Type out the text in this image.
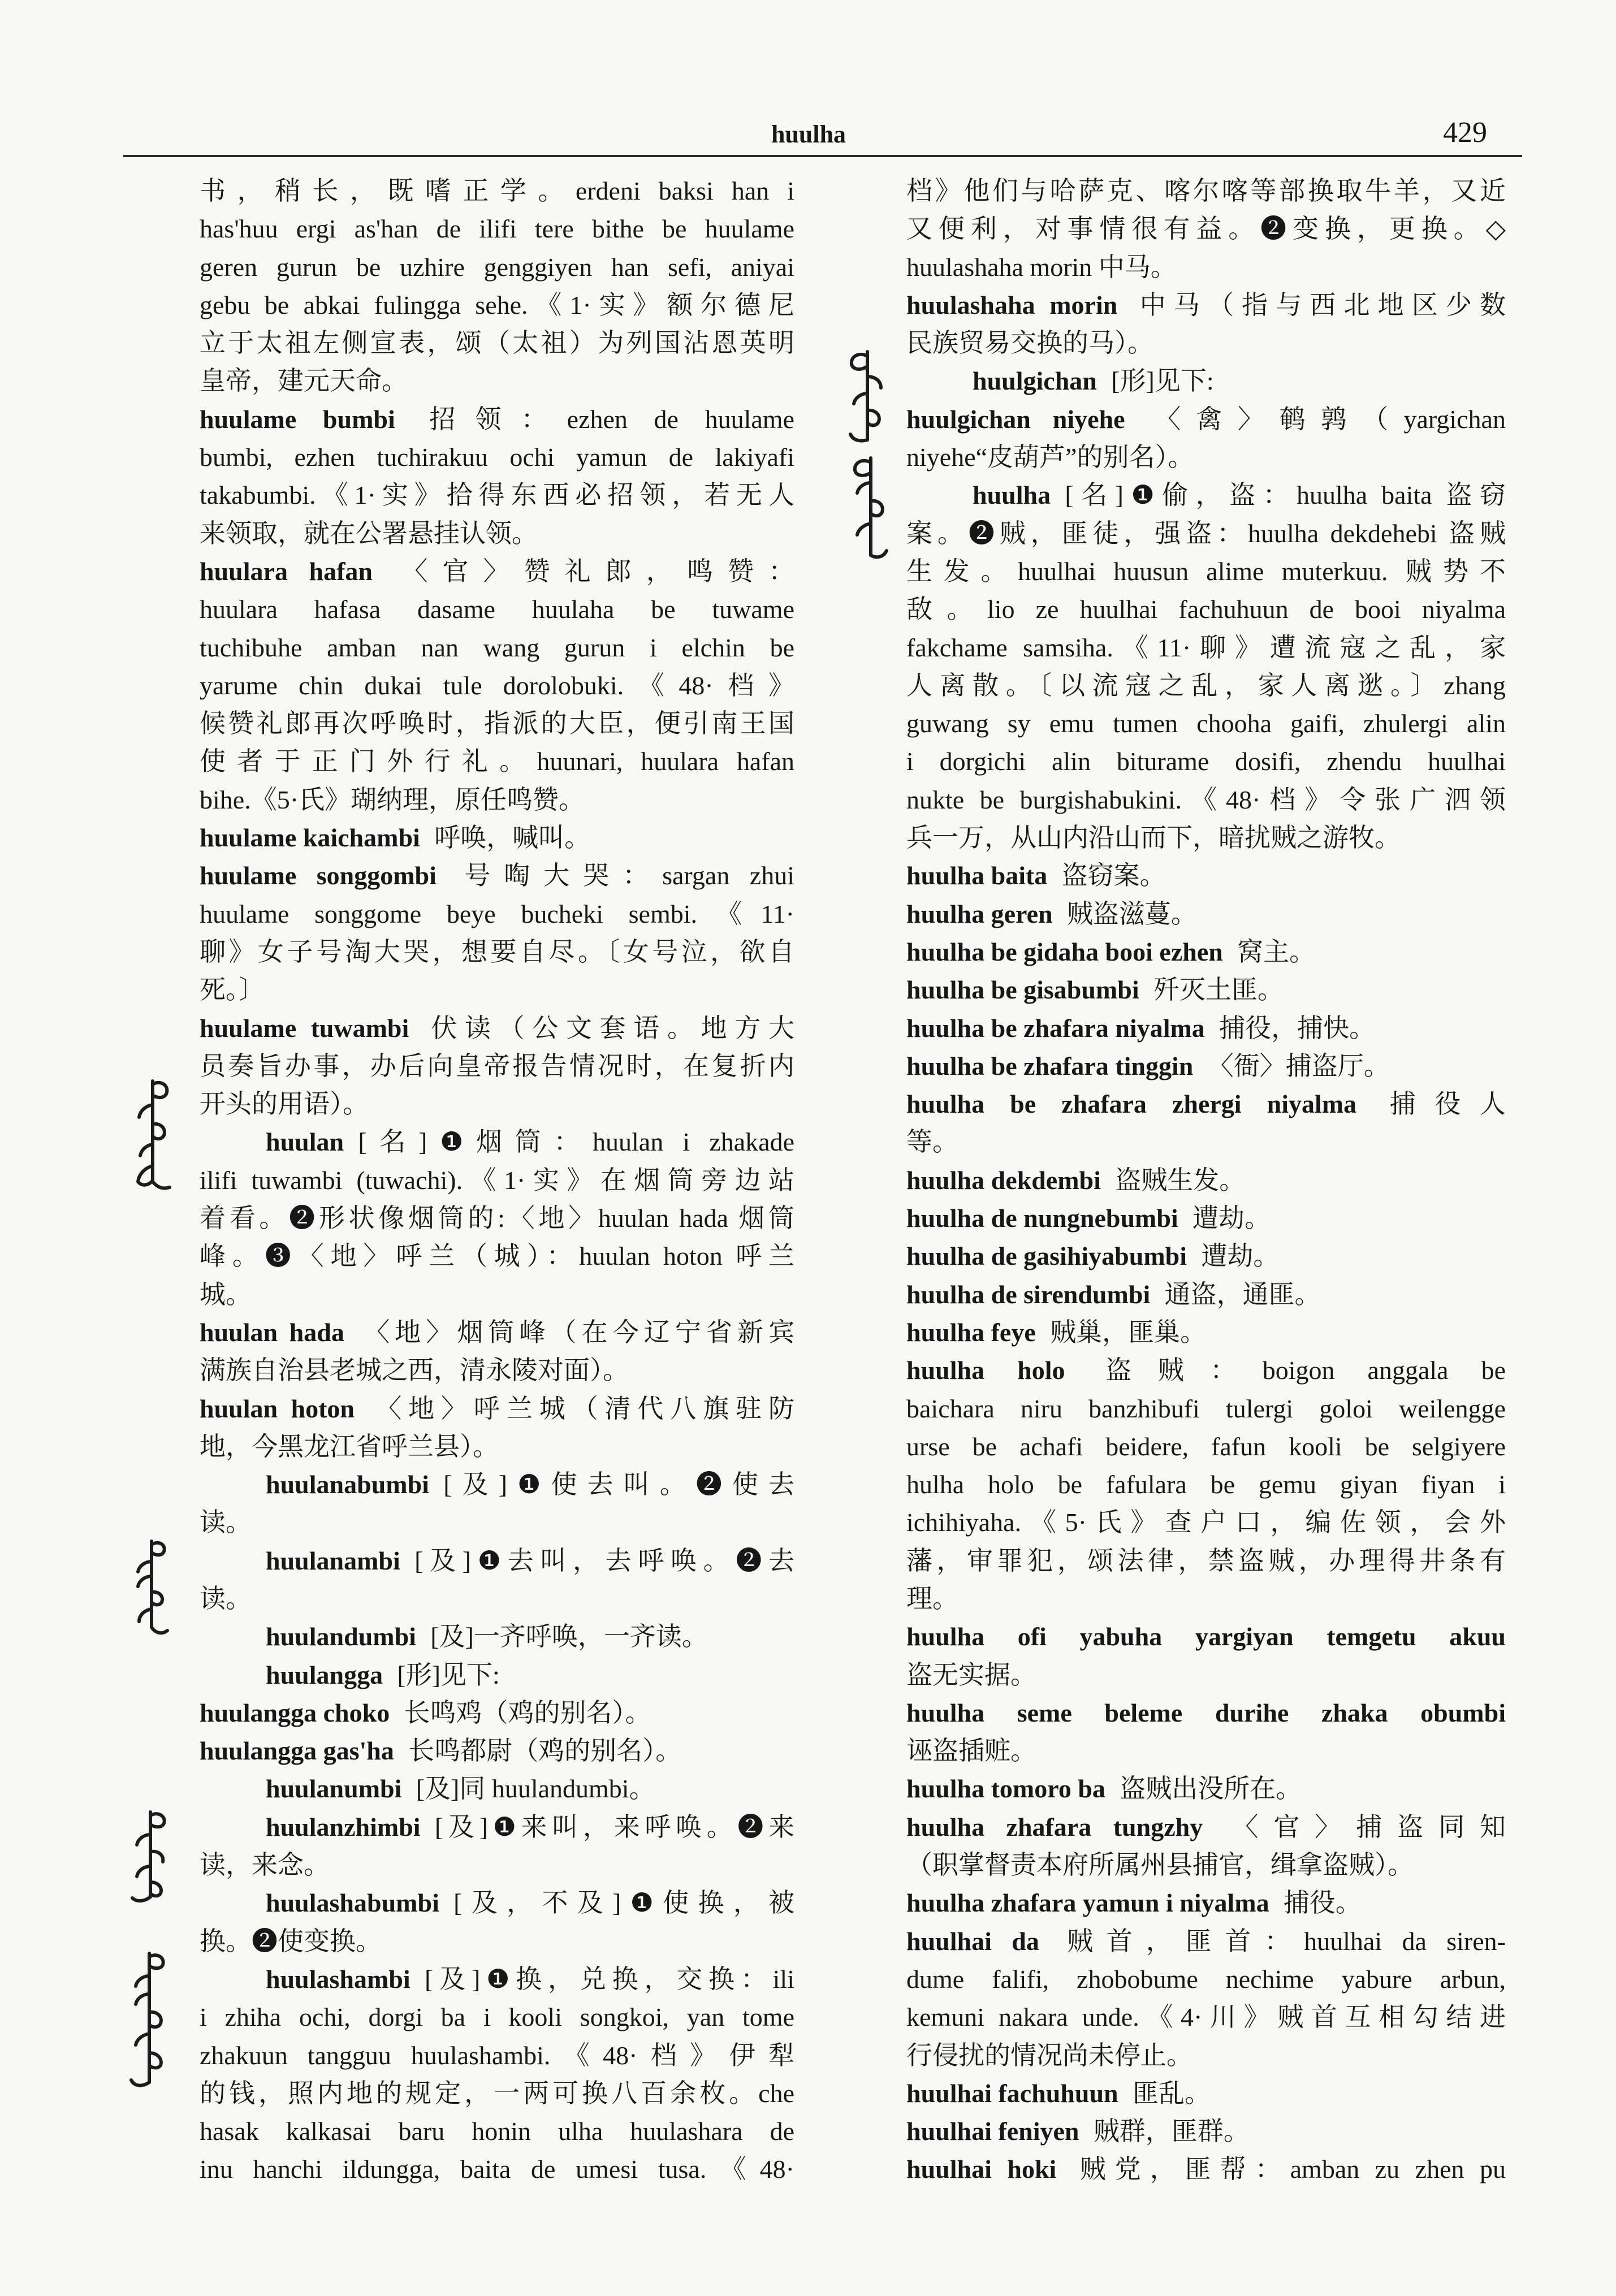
huulha	429
书，稍长，既嗜正学。erdeni baksi han i
has'huu ergi as'han de ilifi tere bithe be huulame
geren gurun be uzhire genggiyen han sefi, aniyai
gebu be abkai fulingga sehe.《1·实》额尔德尼
立于太祖左侧宣表，颂（太祖）为列国沾恩英明
皇帝，建元天命。
huulame bumbi 招领：ezhen de huulame
bumbi, ezhen tuchirakuu ochi yamun de lakiyafi
takabumbi.《1·实》拾得东西必招领，若无人
来领取，就在公署悬挂认领。
huulara hafan 〈官〉赞礼郎，鸣赞：
huulara hafasa dasame huulaha be tuwame
tuchibuhe amban nan wang gurun i elchin be
yarume chin dukai tule dorolobuki.《48·档》
候赞礼郎再次呼唤时，指派的大臣，便引南王国
使者于正门外行礼。huunari, huulara hafan
bihe.《5·氏》瑚纳理，原任鸣赞。
huulame kaichambi 呼唤，喊叫。
huulame songgombi 号啕大哭：sargan zhui
huulame songgome beye bucheki sembi.《11·
聊》女子号淘大哭，想要自尽。〔女号泣，欲自
死。〕
huulame tuwambi 伏读（公文套语。地方大
员奏旨办事，办后向皇帝报告情况时，在复折内
开头的用语）。
huulan [名]❶烟筒：huulan i zhakade
ilifi tuwambi (tuwachi).《1·实》在烟筒旁边站
着看。❷形状像烟筒的:〈地〉huulan hada 烟筒
峰。❸〈地〉呼兰（城）：huulan hoton 呼兰
城。
huulan hada 〈地〉烟筒峰（在今辽宁省新宾
满族自治县老城之西，清永陵对面）。
huulan hoton 〈地〉呼兰城（清代八旗驻防
地，今黑龙江省呼兰县）。
huulanabumbi [及]❶使去叫。❷使去
读。
huulanambi [及]❶去叫，去呼唤。❷去
读。
huulandumbi [及]一齐呼唤，一齐读。
huulangga [形]见下:
huulangga choko 长鸣鸡（鸡的别名）。
huulangga gas'ha 长鸣都尉（鸡的别名）。
huulanumbi [及]同 huulandumbi。
huulanzhimbi [及]❶来叫，来呼唤。❷来
读，来念。
huulashabumbi [及，不及]❶使换，被
换。❷使变换。
huulashambi [及]❶换，兑换，交换：ili
i zhiha ochi, dorgi ba i kooli songkoi, yan tome
zhakuun tangguu huulashambi.《48·档》伊犁
的钱，照内地的规定，一两可换八百余枚。che
hasak kalkasai baru honin ulha huulashara de
inu hanchi ildungga, baita de umesi tusa.《48·
档》他们与哈萨克、喀尔喀等部换取牛羊，又近
又便利，对事情很有益。❷变换，更换。◇
huulashaha morin 中马。
huulashaha morin 中马（指与西北地区少数
民族贸易交换的马）。
huulgichan [形]见下:
huulgichan niyehe 〈禽〉鹌鹑（yargichan
niyehe“皮葫芦”的别名）。
huulha [名]❶偷，盗：huulha baita 盗窃
案。❷贼，匪徒，强盗：huulha dekdehebi 盗贼
生发。huulhai huusun alime muterkuu. 贼势不
敌。lio ze huulhai fachuhuun de booi niyalma
fakchame samsiha.《11·聊》遭流寇之乱，家
人离散。〔以流寇之乱，家人离逖。〕zhang
guwang sy emu tumen chooha gaifi, zhulergi alin
i dorgichi alin biturame dosifi, zhendu huulhai
nukte be burgishabukini.《48·档》令张广泗领
兵一万，从山内沿山而下，暗扰贼之游牧。
huulha baita 盗窃案。
huulha geren 贼盗滋蔓。
huulha be gidaha booi ezhen 窝主。
huulha be gisabumbi 歼灭土匪。
huulha be zhafara niyalma 捕役，捕快。
huulha be zhafara tinggin 〈衙〉捕盗厅。
huulha be zhafara zhergi niyalma 捕役人
等。
huulha dekdembi 盗贼生发。
huulha de nungnebumbi 遭劫。
huulha de gasihiyabumbi 遭劫。
huulha de sirendumbi 通盗，通匪。
huulha feye 贼巢，匪巢。
huulha holo 盗贼：boigon anggala be
baichara niru banzhibufi tulergi goloi weilengge
urse be achafi beidere, fafun kooli be selgiyere
hulha holo be fafulara be gemu giyan fiyan i
ichihiyaha.《5·氏》查户口，编佐领，会外
藩，审罪犯，颂法律，禁盗贼，办理得井条有
理。
huulha ofi yabuha yargiyan temgetu akuu
盗无实据。
huulha seme beleme durihe zhaka obumbi
诬盗插赃。
huulha tomoro ba 盗贼出没所在。
huulha zhafara tungzhy 〈官〉捕盗同知
（职掌督责本府所属州县捕官，缉拿盗贼）。
huulha zhafara yamun i niyalma 捕役。
huulhai da 贼首，匪首：huulhai da siren-
dume falifi, zhobobume nechime yabure arbun,
kemuni nakara unde.《4·川》贼首互相勾结进
行侵扰的情况尚未停止。
huulhai fachuhuun 匪乱。
huulhai feniyen 贼群，匪群。
huulhai hoki 贼党，匪帮：amban zu zhen pu
